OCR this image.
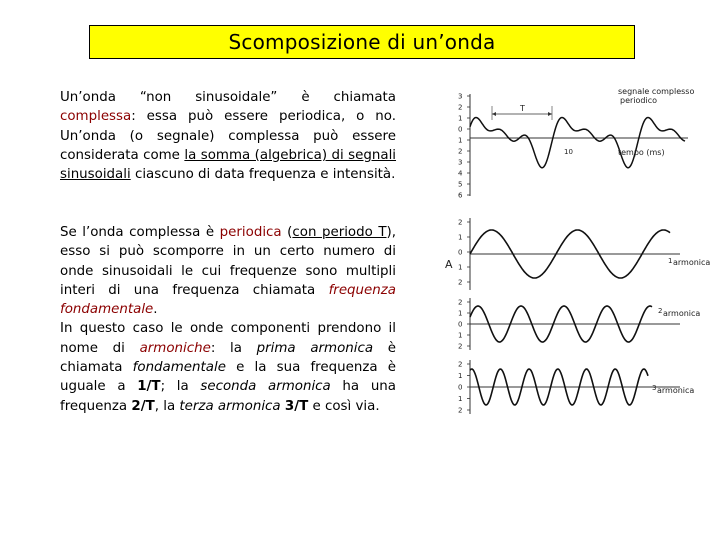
Scomposizione di un’onda
Un’onda “non sinusoidale” è chiamata complessa: essa può essere periodica, o no. Un’onda (o segnale) complessa può essere considerata come la somma (algebrica) di segnali sinusoidali ciascuno di data frequenza e intensità.
Se l’onda complessa è periodica (con periodo T), esso si può scomporre in un certo numero di onde sinusoidali le cui frequenze sono multipli interi di una frequenza chiamata frequenza fondamentale.
In questo caso le onde componenti prendono il nome di armoniche: la prima armonica è chiamata fondamentale e la sua frequenza è uguale a 1/T; la seconda armonica ha una frequenza 2/T, la terza armonica 3/T e così via.
3
2
1
0
1
2
3
4
5
6
T
segnale complesso
periodico
10	tempo (ms)
A
2
1
0
1
2
1 armonica
2
1
0
1
2
2 armonica
2
1
0
1
2
3 armonica
